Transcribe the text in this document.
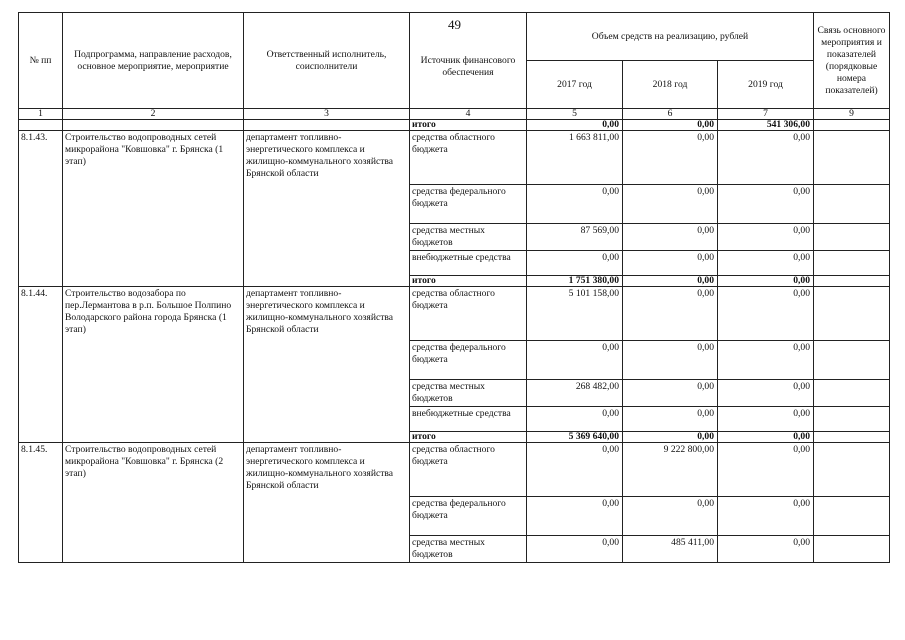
49
№ пп	Подпрограмма, направление расходов, основное мероприятие, мероприятие	Ответственный исполнитель, соисполнители	Источник финансового обеспечения	Объем средств на реализацию, рублей			Связь основного мероприятия и показателей (порядковые номера показателей)
				2017 год	2018 год	2019 год	
1	2	3	4	5	6	7	9
			итого	0,00	0,00	541 306,00	
8.1.43.	Строительство водопроводных сетей микрорайона "Ковшовка" г. Брянска (1 этап)	департамент топливно-энергетического комплекса и жилищно-коммунального хозяйства Брянской области	средства областного бюджета	1 663 811,00	0,00	0,00	
			средства федерального бюджета	0,00	0,00	0,00	
			средства местных бюджетов	87 569,00	0,00	0,00	
			внебюджетные средства	0,00	0,00	0,00	
			итого	1 751 380,00	0,00	0,00	
8.1.44.	Строительство водозабора по пер.Лермантова в р.п. Большое Полпино Володарского района города Брянска (1 этап)	департамент топливно-энергетического комплекса и жилищно-коммунального хозяйства Брянской области	средства областного бюджета	5 101 158,00	0,00	0,00	
			средства федерального бюджета	0,00	0,00	0,00	
			средства местных бюджетов	268 482,00	0,00	0,00	
			внебюджетные средства	0,00	0,00	0,00	
			итого	5 369 640,00	0,00	0,00	
8.1.45.	Строительство водопроводных сетей микрорайона "Ковшовка" г. Брянска (2 этап)	департамент топливно-энергетического комплекса и жилищно-коммунального хозяйства Брянской области	средства областного бюджета	0,00	9 222 800,00	0,00	
			средства федерального бюджета	0,00	0,00	0,00	
			средства местных бюджетов	0,00	485 411,00	0,00	
